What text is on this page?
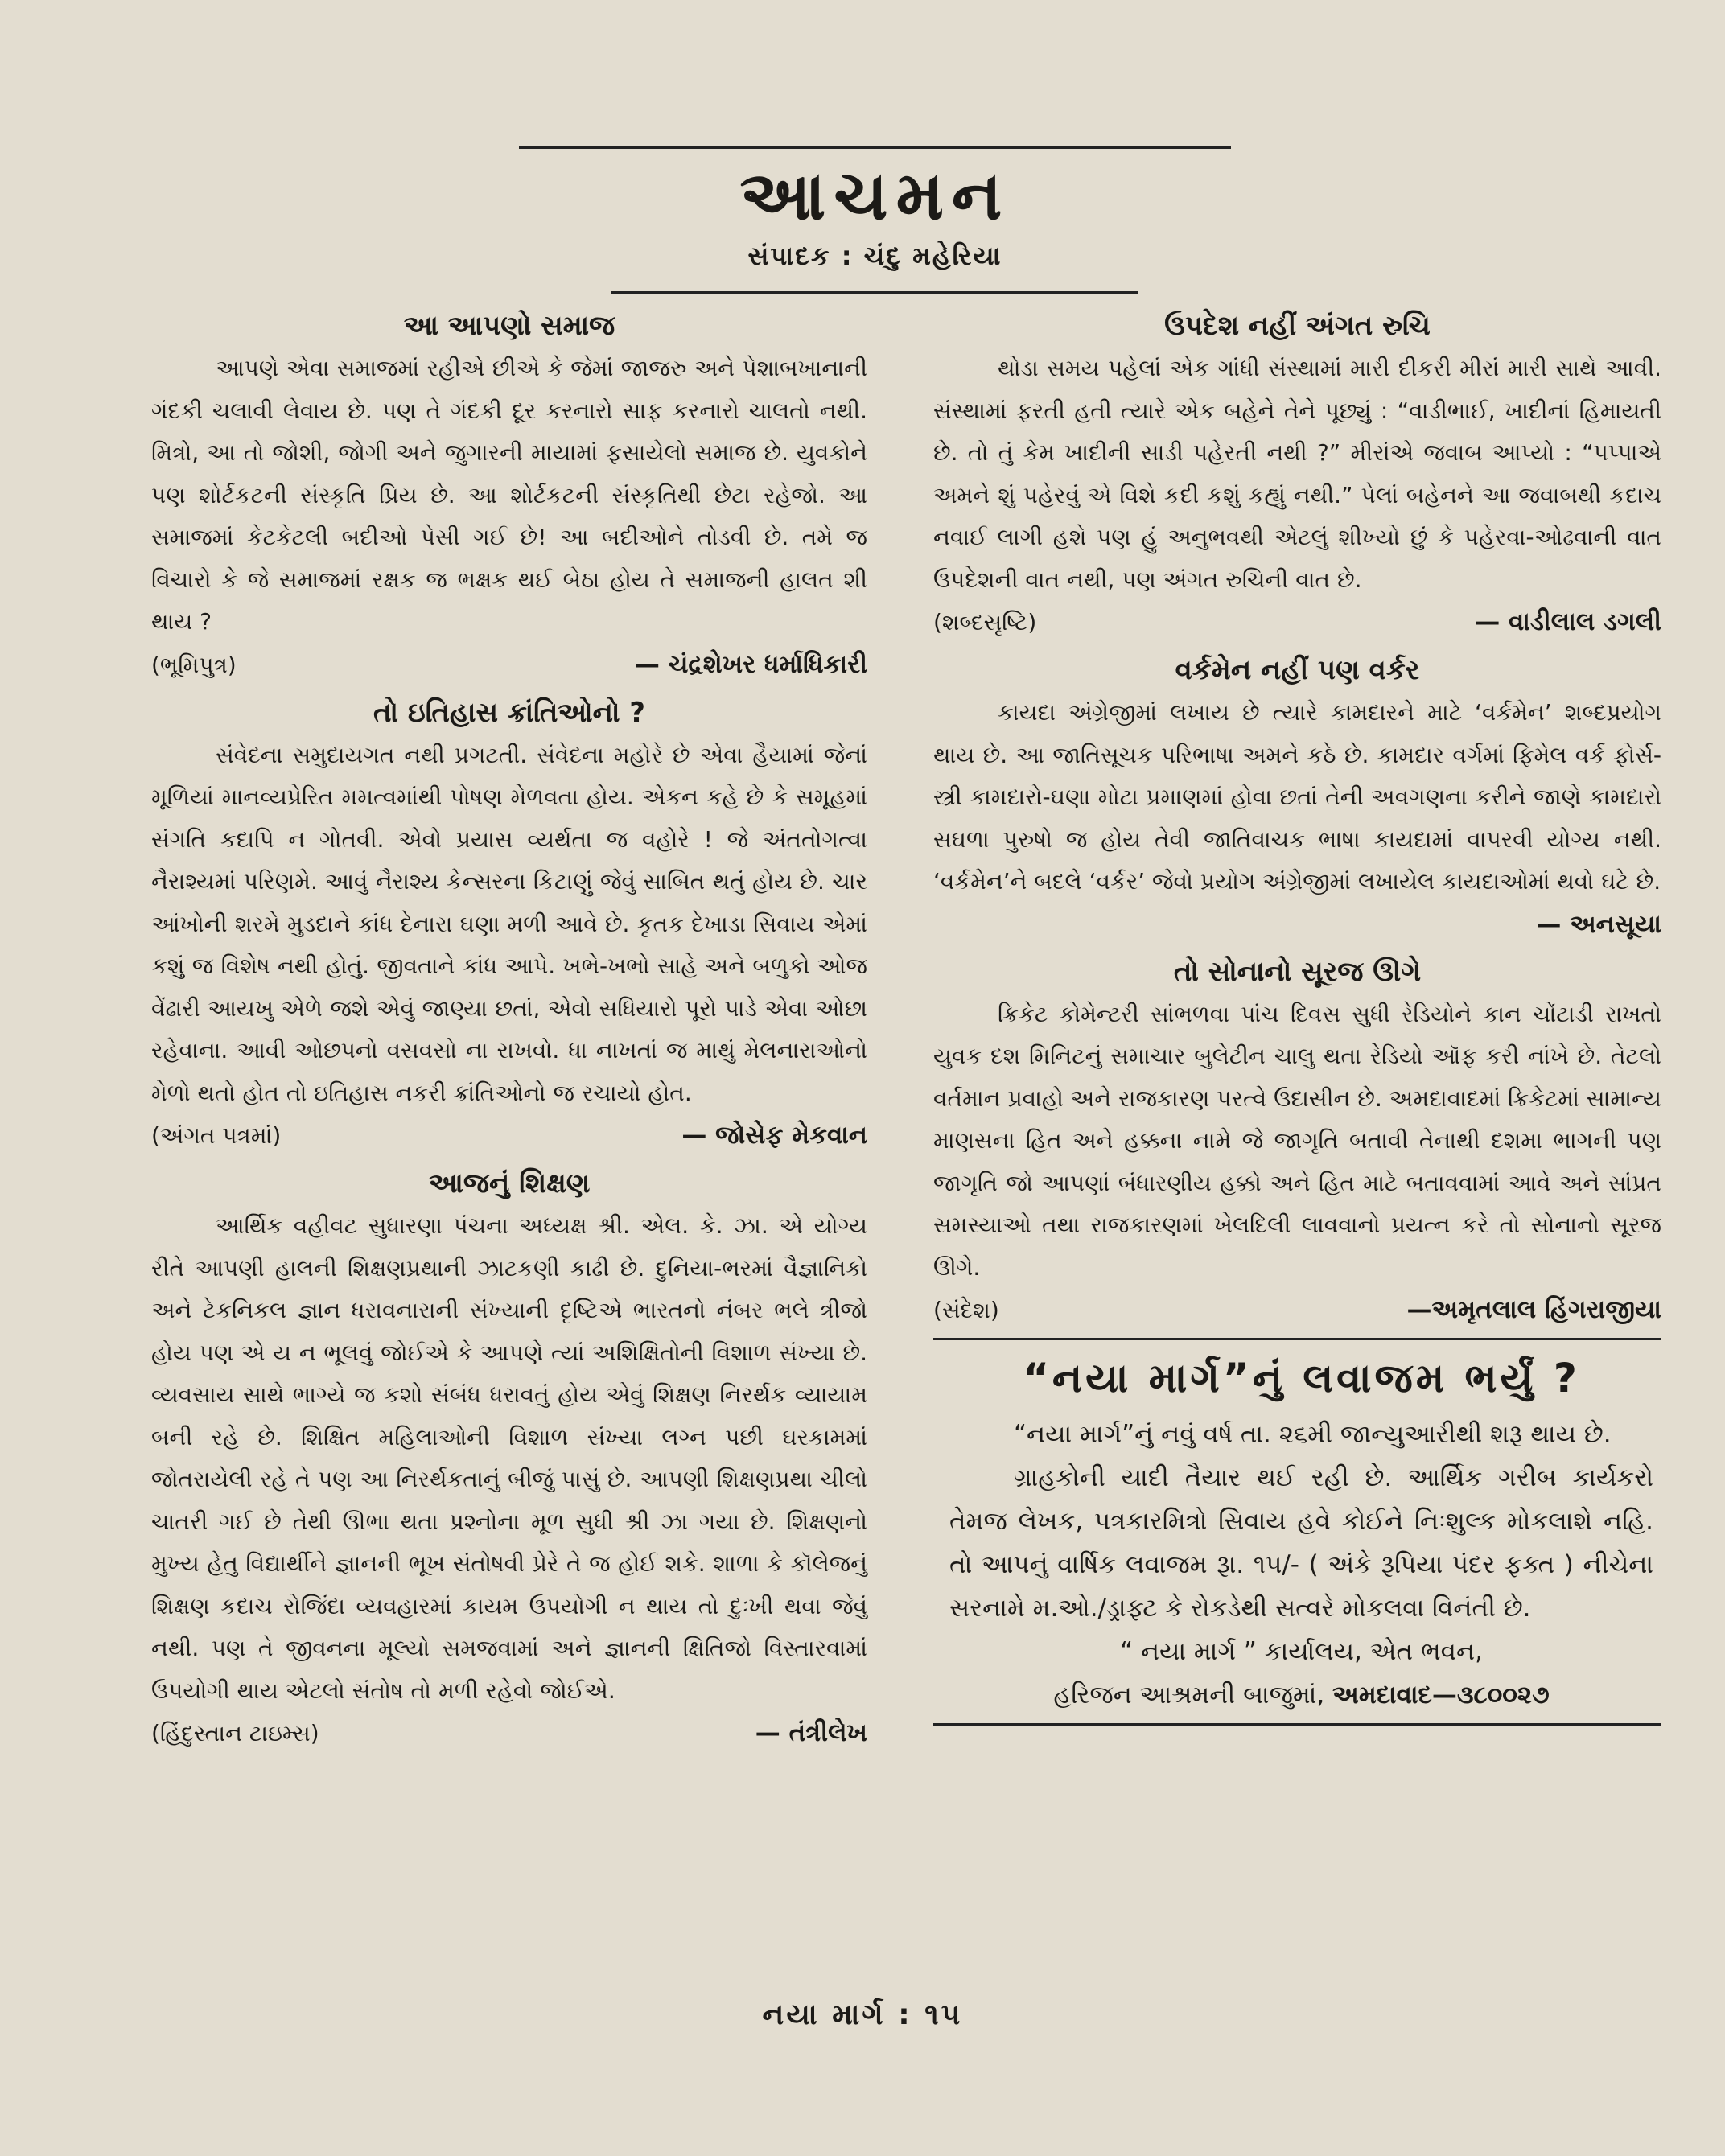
આચમન
સંપાદક : ચંદુ મહેરિયા

આ આપણો સમાજ

આપણે એવા સમાજમાં રહીએ છીએ કે જેમાં જાજરુ અને પેશાબખાનાની ગંદકી ચલાવી લેવાય છે. પણ તે ગંદકી દૂર કરનારો સાફ કરનારો ચાલતો નથી. મિત્રો, આ તો જોશી, જોગી અને જુગારની માયામાં ફસાયેલો સમાજ છે. યુવકોને પણ શોર્ટકટની સંસ્કૃતિ પ્રિય છે. આ શોર્ટકટની સંસ્કૃતિથી છેટા રહેજો. આ સમાજમાં કેટકેટલી બદીઓ પેસી ગઈ છે! આ બદીઓને તોડવી છે. તમે જ વિચારો કે જે સમાજમાં રક્ષક જ ભક્ષક થઈ બેઠા હોય તે સમાજની હાલત શી થાય ?

(ભૂમિપુત્ર)	— ચંદ્રશેખર ધર્માધિકારી

તો ઇતિહાસ ક્રાંતિઓનો ?

સંવેદના સમુદાયગત નથી પ્રગટતી. સંવેદના મહોરે છે એવા હૈયામાં જેનાં મૂળિયાં માનવ્યપ્રેરિત મમત્વમાંથી પોષણ મેળવતા હોય. એકન કહે છે કે સમૂહમાં સંગતિ કદાપિ ન ગોતવી. એવો પ્રયાસ વ્યર્થતા જ વહોરે ! જે અંતતોગત્વા નૈરાશ્યમાં પરિણમે. આવું નૈરાશ્ય કેન્સરના કિટાણું જેવું સાબિત થતું હોય છે. ચાર આંખોની શરમે મુડદાને કાંધ દેનારા ઘણા મળી આવે છે. કૃતક દેખાડા સિવાય એમાં કશું જ વિશેષ નથી હોતું. જીવતાને કાંધ આપે. ખભે-ખભો સાહે અને બળુકો ઓજ વેંઢારી આયખુ એળે જશે એવું જાણ્યા છતાં, એવો સધિયારો પૂરો પાડે એવા ઓછા રહેવાના. આવી ઓછપનો વસવસો ના રાખવો. ધા નાખતાં જ માથું મેલનારાઓનો મેળો થતો હોત તો ઇતિહાસ નકરી ક્રાંતિઓનો જ રચાયો હોત.

(અંગત પત્રમાં)	— જોસેફ મેકવાન

આજનું શિક્ષણ

આર્થિક વહીવટ સુધારણા પંચના અધ્યક્ષ શ્રી. એલ. કે. ઝા. એ યોગ્ય રીતે આપણી હાલની શિક્ષણપ્રથાની ઝાટકણી કાઢી છે. દુનિયા-ભરમાં વૈજ્ઞાનિકો અને ટેકનિકલ જ્ઞાન ધરાવનારાની સંખ્યાની દૃષ્ટિએ ભારતનો નંબર ભલે ત્રીજો હોય પણ એ ય ન ભૂલવું જોઈએ કે આપણે ત્યાં અશિક્ષિતોની વિશાળ સંખ્યા છે. વ્યવસાય સાથે ભાગ્યે જ કશો સંબંધ ધરાવતું હોય એવું શિક્ષણ નિરર્થક વ્યાયામ બની રહે છે. શિક્ષિત મહિલાઓની વિશાળ સંખ્યા લગ્ન પછી ઘરકામમાં જોતરાયેલી રહે તે પણ આ નિરર્થકતાનું બીજું પાસું છે. આપણી શિક્ષણપ્રથા ચીલો ચાતરી ગઈ છે તેથી ઊભા થતા પ્રશ્નોના મૂળ સુધી શ્રી ઝા ગયા છે. શિક્ષણનો મુખ્ય હેતુ વિદ્યાર્થીને જ્ઞાનની ભૂખ સંતોષવી પ્રેરે તે જ હોઈ શકે. શાળા કે કૉલેજનું શિક્ષણ કદાચ રોજિંદા વ્યવહારમાં કાયમ ઉપયોગી ન થાય તો દુઃખી થવા જેવું નથી. પણ તે જીવનના મૂલ્યો સમજવામાં અને જ્ઞાનની ક્ષિતિજો વિસ્તારવામાં ઉપયોગી થાય એટલો સંતોષ તો મળી રહેવો જોઈએ.

(હિંદુસ્તાન ટાઇમ્સ)	— તંત્રીલેખ

ઉપદેશ નહીં અંગત રુચિ

થોડા સમય પહેલાં એક ગાંધી સંસ્થામાં મારી દીકરી મીરાં મારી સાથે આવી. સંસ્થામાં ફરતી હતી ત્યારે એક બહેને તેને પૂછ્યું : “વાડીભાઈ, ખાદીનાં હિમાયતી છે. તો તું કેમ ખાદીની સાડી પહેરતી નથી ?” મીરાંએ જવાબ આપ્યો : “પપ્પાએ અમને શું પહેરવું એ વિશે કદી કશું કહ્યું નથી.” પેલાં બહેનને આ જવાબથી કદાચ નવાઈ લાગી હશે પણ હું અનુભવથી એટલું શીખ્યો છું કે પહેરવા-ઓઢવાની વાત ઉપદેશની વાત નથી, પણ અંગત રુચિની વાત છે.

(શબ્દસૃષ્ટિ)	— વાડીલાલ ડગલી

વર્કમેન નહીં પણ વર્કર

કાયદા અંગ્રેજીમાં લખાય છે ત્યારે કામદારને માટે ‘વર્કમેન’ શબ્દપ્રયોગ થાય છે. આ જાતિસૂચક પરિભાષા અમને કઠે છે. કામદાર વર્ગમાં ફિમેલ વર્ક ફોર્સ-સ્ત્રી કામદારો-ઘણા મોટા પ્રમાણમાં હોવા છતાં તેની અવગણના કરીને જાણે કામદારો સઘળા પુરુષો જ હોય તેવી જાતિવાચક ભાષા કાયદામાં વાપરવી યોગ્ય નથી. ‘વર્કમેન’ને બદલે ‘વર્કર’ જેવો પ્રયોગ અંગ્રેજીમાં લખાયેલ કાયદાઓમાં થવો ઘટે છે.

— અનસૂયા

તો સોનાનો સૂરજ ઊગે

ક્રિકેટ કોમેન્ટરી સાંભળવા પાંચ દિવસ સુધી રેડિયોને કાન ચોંટાડી રાખતો યુવક દશ મિનિટનું સમાચાર બુલેટીન ચાલુ થતા રેડિયો ઑફ કરી નાંખે છે. તેટલો વર્તમાન પ્રવાહો અને રાજકારણ પરત્વે ઉદાસીન છે. અમદાવાદમાં ક્રિકેટમાં સામાન્ય માણસના હિત અને હક્કના નામે જે જાગૃતિ બતાવી તેનાથી દશમા ભાગની પણ જાગૃતિ જો આપણાં બંધારણીય હક્કો અને હિત માટે બતાવવામાં આવે અને સાંપ્રત સમસ્યાઓ તથા રાજકારણમાં ખેલદિલી લાવવાનો પ્રયત્ન કરે તો સોનાનો સૂરજ ઊગે.

(સંદેશ)	—અમૃતલાલ હિંગરાજીયા

“નયા માર્ગ”નું લવાજમ ભર્યું ?

“નયા માર્ગ”નું નવું વર્ષ તા. ૨૬મી જાન્યુઆરીથી શરૂ થાય છે.

ગ્રાહકોની યાદી તૈયાર થઈ રહી છે. આર્થિક ગરીબ કાર્યકરો તેમજ લેખક, પત્રકારમિત્રો સિવાય હવે કોઈને નિઃશુલ્ક મોકલાશે નહિ. તો આપનું વાર્ષિક લવાજમ રૂા. ૧૫/- ( અંકે રૂપિયા પંદર ફક્ત ) નીચેના સરનામે મ.ઓ./ડ્રાફ્ટ કે રોકડેથી સત્વરે મોકલવા વિનંતી છે.

“ નયા માર્ગ ” કાર્યાલય, એત ભવન,

હરિજન આશ્રમની બાજુમાં, અમદાવાદ—૩૮૦૦૨૭

નયા માર્ગ : ૧૫
